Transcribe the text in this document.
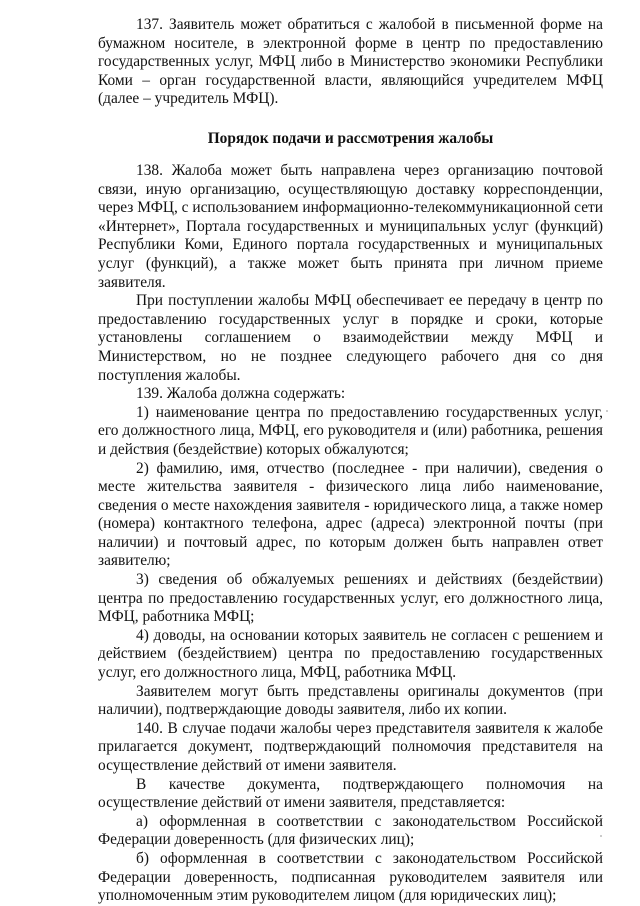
137. Заявитель может обратиться с жалобой в письменной форме на бумажном носителе, в электронной форме в центр по предоставлению государственных услуг, МФЦ либо в Министерство экономики Республики Коми – орган государственной власти, являющийся учредителем МФЦ (далее – учредитель МФЦ).

Порядок подачи и рассмотрения жалобы

138. Жалоба может быть направлена через организацию почтовой связи, иную организацию, осуществляющую доставку корреспонденции, через МФЦ, с использованием информационно-телекоммуникационной сети «Интернет», Портала государственных и муниципальных услуг (функций) Республики Коми, Единого портала государственных и муниципальных услуг (функций), а также может быть принята при личном приеме заявителя.

При поступлении жалобы МФЦ обеспечивает ее передачу в центр по предоставлению государственных услуг в порядке и сроки, которые установлены соглашением о взаимодействии между МФЦ и Министерством, но не позднее следующего рабочего дня со дня поступления жалобы.

139. Жалоба должна содержать:

1) наименование центра по предоставлению государственных услуг, его должностного лица, МФЦ, его руководителя и (или) работника, решения и действия (бездействие) которых обжалуются;

2) фамилию, имя, отчество (последнее - при наличии), сведения о месте жительства заявителя - физического лица либо наименование, сведения о месте нахождения заявителя - юридического лица, а также номер (номера) контактного телефона, адрес (адреса) электронной почты (при наличии) и почтовый адрес, по которым должен быть направлен ответ заявителю;

3) сведения об обжалуемых решениях и действиях (бездействии) центра по предоставлению государственных услуг, его должностного лица, МФЦ, работника МФЦ;

4) доводы, на основании которых заявитель не согласен с решением и действием (бездействием) центра по предоставлению государственных услуг, его должностного лица, МФЦ, работника МФЦ.

Заявителем могут быть представлены оригиналы документов (при наличии), подтверждающие доводы заявителя, либо их копии.

140. В случае подачи жалобы через представителя заявителя к жалобе прилагается документ, подтверждающий полномочия представителя на осуществление действий от имени заявителя.

В качестве документа, подтверждающего полномочия на осуществление действий от имени заявителя, представляется:

а) оформленная в соответствии с законодательством Российской Федерации доверенность (для физических лиц);

б) оформленная в соответствии с законодательством Российской Федерации доверенность, подписанная руководителем заявителя или уполномоченным этим руководителем лицом (для юридических лиц);
